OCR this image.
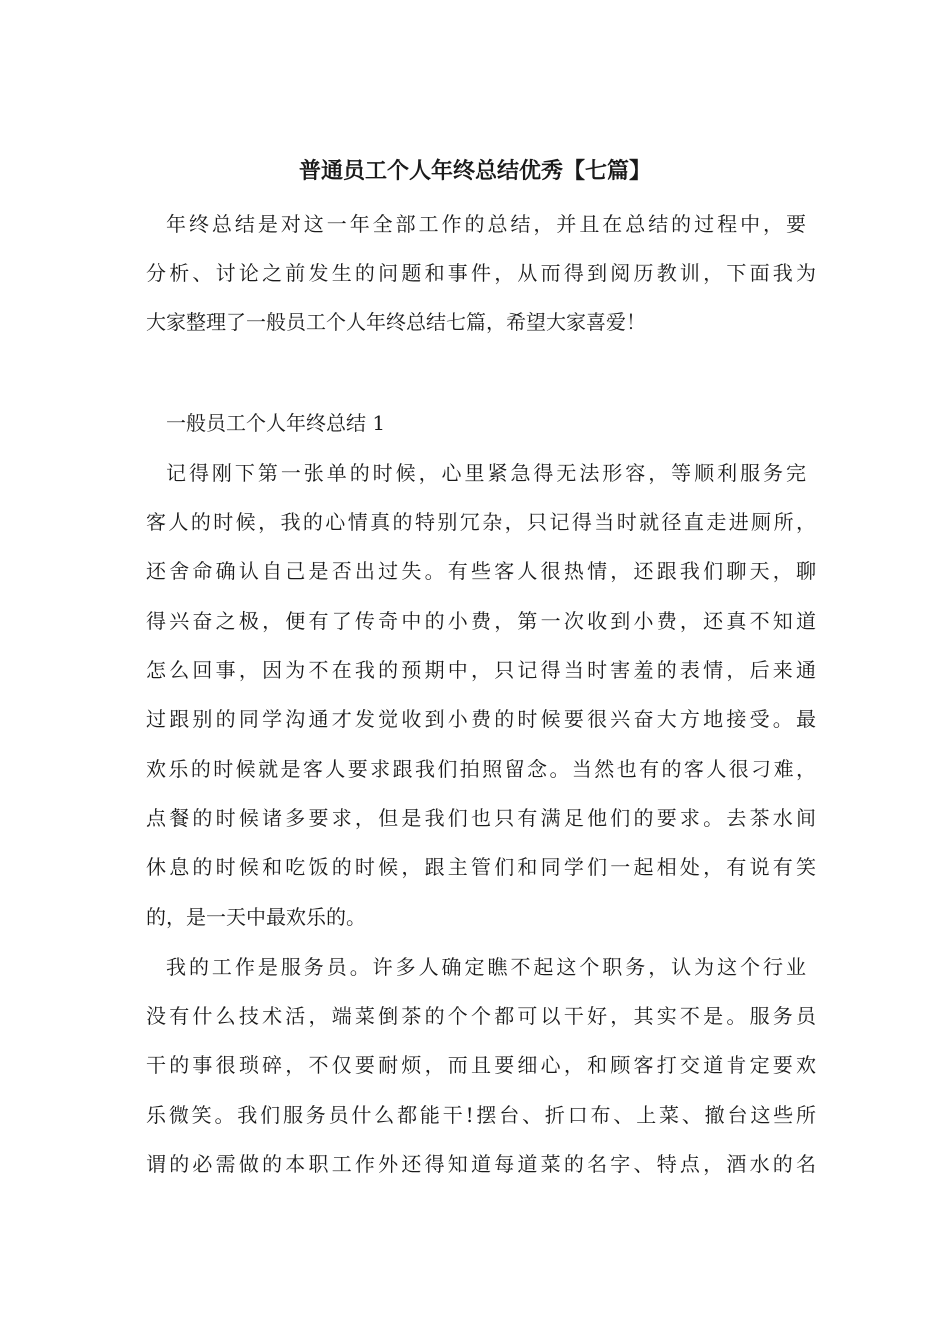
普通员工个人年终总结优秀【七篇】
年终总结是对这一年全部工作的总结，并且在总结的过程中，要
分析、讨论之前发生的问题和事件，从而得到阅历教训，下面我为
大家整理了一般员工个人年终总结七篇，希望大家喜爱！
一般员工个人年终总结 1
记得刚下第一张单的时候，心里紧急得无法形容，等顺利服务完
客人的时候，我的心情真的特别冗杂，只记得当时就径直走进厕所，
还舍命确认自己是否出过失。有些客人很热情，还跟我们聊天，聊
得兴奋之极，便有了传奇中的小费，第一次收到小费，还真不知道
怎么回事，因为不在我的预期中，只记得当时害羞的表情，后来通
过跟别的同学沟通才发觉收到小费的时候要很兴奋大方地接受。最
欢乐的时候就是客人要求跟我们拍照留念。当然也有的客人很刁难，
点餐的时候诸多要求，但是我们也只有满足他们的要求。去茶水间
休息的时候和吃饭的时候，跟主管们和同学们一起相处，有说有笑
的，是一天中最欢乐的。
我的工作是服务员。许多人确定瞧不起这个职务，认为这个行业
没有什么技术活，端菜倒茶的个个都可以干好，其实不是。服务员
干的事很琐碎，不仅要耐烦，而且要细心，和顾客打交道肯定要欢
乐微笑。我们服务员什么都能干!摆台、折口布、上菜、撤台这些所
谓的必需做的本职工作外还得知道每道菜的名字、特点，酒水的名
